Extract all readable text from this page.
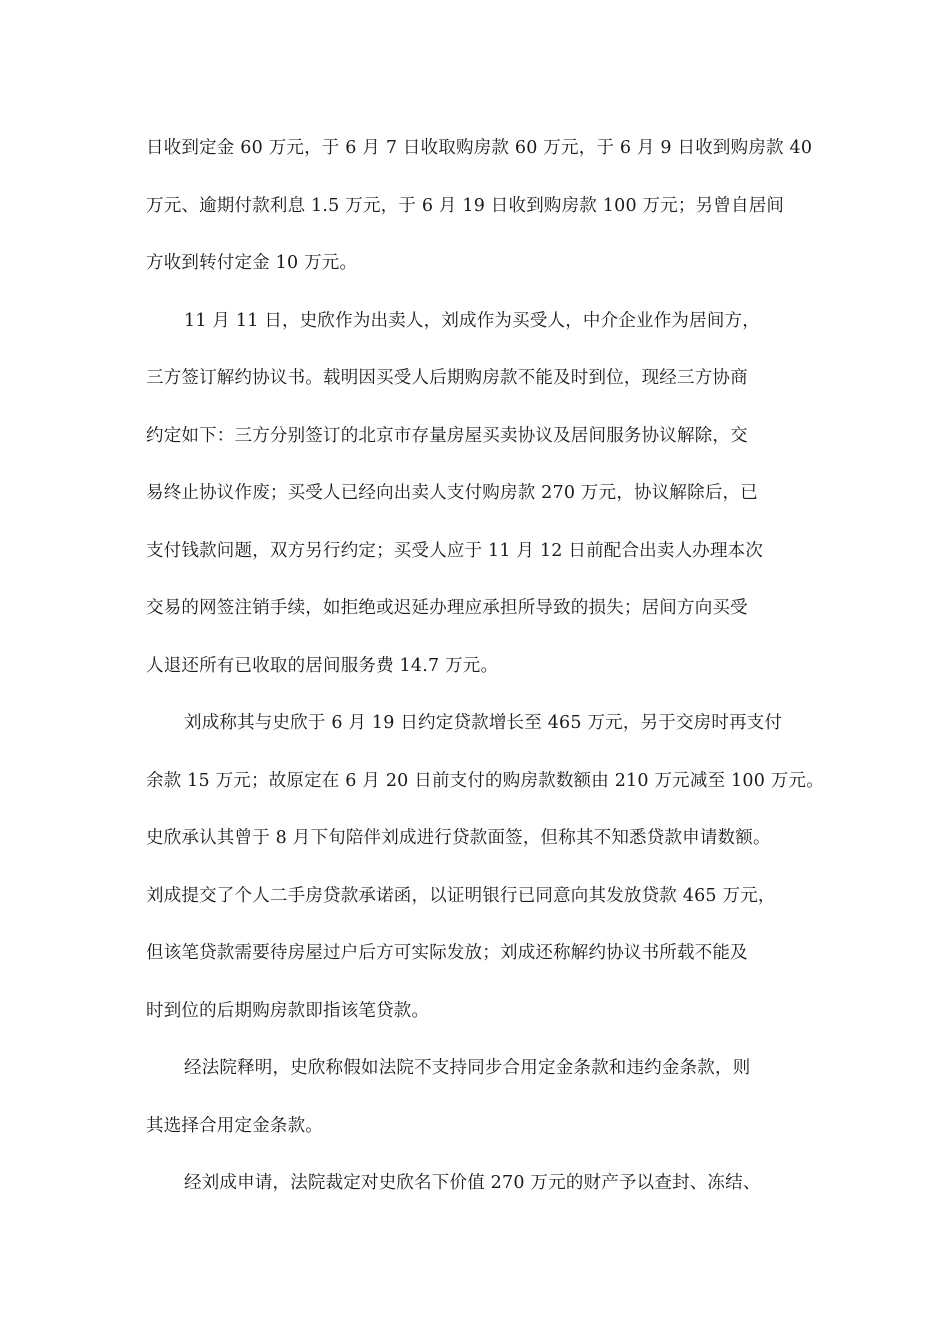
日收到定金 60 万元，于 6 月 7 日收取购房款 60 万元，于 6 月 9 日收到购房款 40
万元、逾期付款利息 1.5 万元，于 6 月 19 日收到购房款 100 万元；另曾自居间
方收到转付定金 10 万元。

11 月 11 日，史欣作为出卖人，刘成作为买受人，中介企业作为居间方，
三方签订解约协议书。载明因买受人后期购房款不能及时到位，现经三方协商
约定如下：三方分别签订的北京市存量房屋买卖协议及居间服务协议解除，交
易终止协议作废；买受人已经向出卖人支付购房款 270 万元，协议解除后，已
支付钱款问题，双方另行约定；买受人应于 11 月 12 日前配合出卖人办理本次
交易的网签注销手续，如拒绝或迟延办理应承担所导致的损失；居间方向买受
人退还所有已收取的居间服务费 14.7 万元。

刘成称其与史欣于 6 月 19 日约定贷款增长至 465 万元，另于交房时再支付
余款 15 万元；故原定在 6 月 20 日前支付的购房款数额由 210 万元减至 100 万元。
史欣承认其曾于 8 月下旬陪伴刘成进行贷款面签，但称其不知悉贷款申请数额。
刘成提交了个人二手房贷款承诺函，以证明银行已同意向其发放贷款 465 万元，
但该笔贷款需要待房屋过户后方可实际发放；刘成还称解约协议书所载不能及
时到位的后期购房款即指该笔贷款。

经法院释明，史欣称假如法院不支持同步合用定金条款和违约金条款，则
其选择合用定金条款。

经刘成申请，法院裁定对史欣名下价值 270 万元的财产予以查封、冻结、
